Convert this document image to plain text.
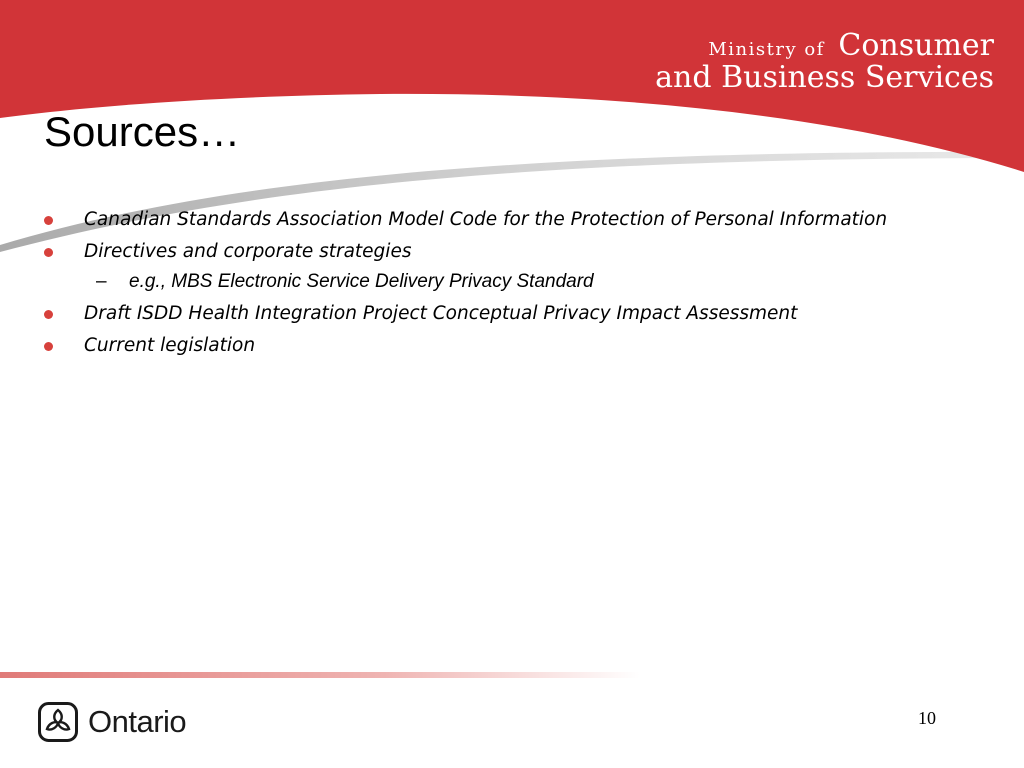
Ministry of Consumer
and Business Services
Sources…
Canadian Standards Association Model Code for the Protection of Personal Information
Directives and corporate strategies
– e.g., MBS Electronic Service Delivery Privacy Standard
Draft ISDD Health Integration Project Conceptual Privacy Impact Assessment
Current legislation
Ontario	10
